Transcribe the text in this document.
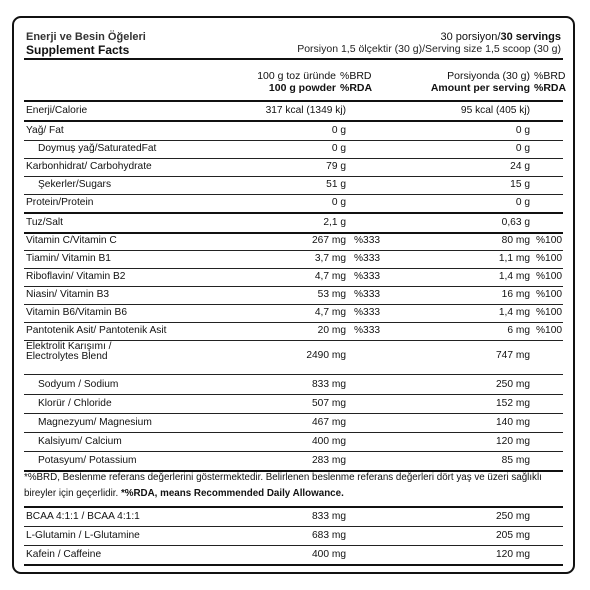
Enerji ve Besin Öğeleri
Supplement Facts
30 porsiyon/30 servings
Porsiyon 1,5 ölçektir (30 g)/Serving size 1,5 scoop (30 g)
100 g toz üründe
100 g powder
%BRD
%RDA
Porsiyonda (30 g)
Amount per serving
%BRD
%RDA
Enerji/Calorie	317 kcal (1349 kj)	95 kcal (405 kj)
Yağ/ Fat	0 g	0 g
Doymuş yağ/SaturatedFat	0 g	0 g
Karbonhidrat/ Carbohydrate	79 g	24 g
Şekerler/Sugars	51 g	15 g
Protein/Protein	0 g	0 g
Tuz/Salt	2,1 g	0,63 g
Vitamin C/Vitamin C	267 mg %333	80 mg %100
Tiamin/ Vitamin B1	3,7 mg %333	1,1 mg %100
Riboflavin/ Vitamin B2	4,7 mg %333	1,4 mg %100
Niasin/ Vitamin B3	53 mg %333	16 mg %100
Vitamin B6/Vitamin B6	4,7 mg %333	1,4 mg %100
Pantotenik Asit/ Pantotenik Asit	20 mg %333	6 mg %100
Elektrolit Karışımı /
Electrolytes Blend	2490 mg	747 mg
Sodyum / Sodium	833 mg	250 mg
Klorür / Chloride	507 mg	152 mg
Magnezyum/ Magnesium	467 mg	140 mg
Kalsiyum/ Calcium	400 mg	120 mg
Potasyum/ Potassium	283 mg	85 mg
*%BRD, Beslenme referans değerlerini göstermektedir. Belirlenen beslenme referans değerleri dört yaş ve üzeri sağlıklı bireyler için geçerlidir. *%RDA, means Recommended Daily Allowance.
BCAA 4:1:1 / BCAA 4:1:1	833 mg	250 mg
L-Glutamin / L-Glutamine	683 mg	205 mg
Kafein / Caffeine	400 mg	120 mg
